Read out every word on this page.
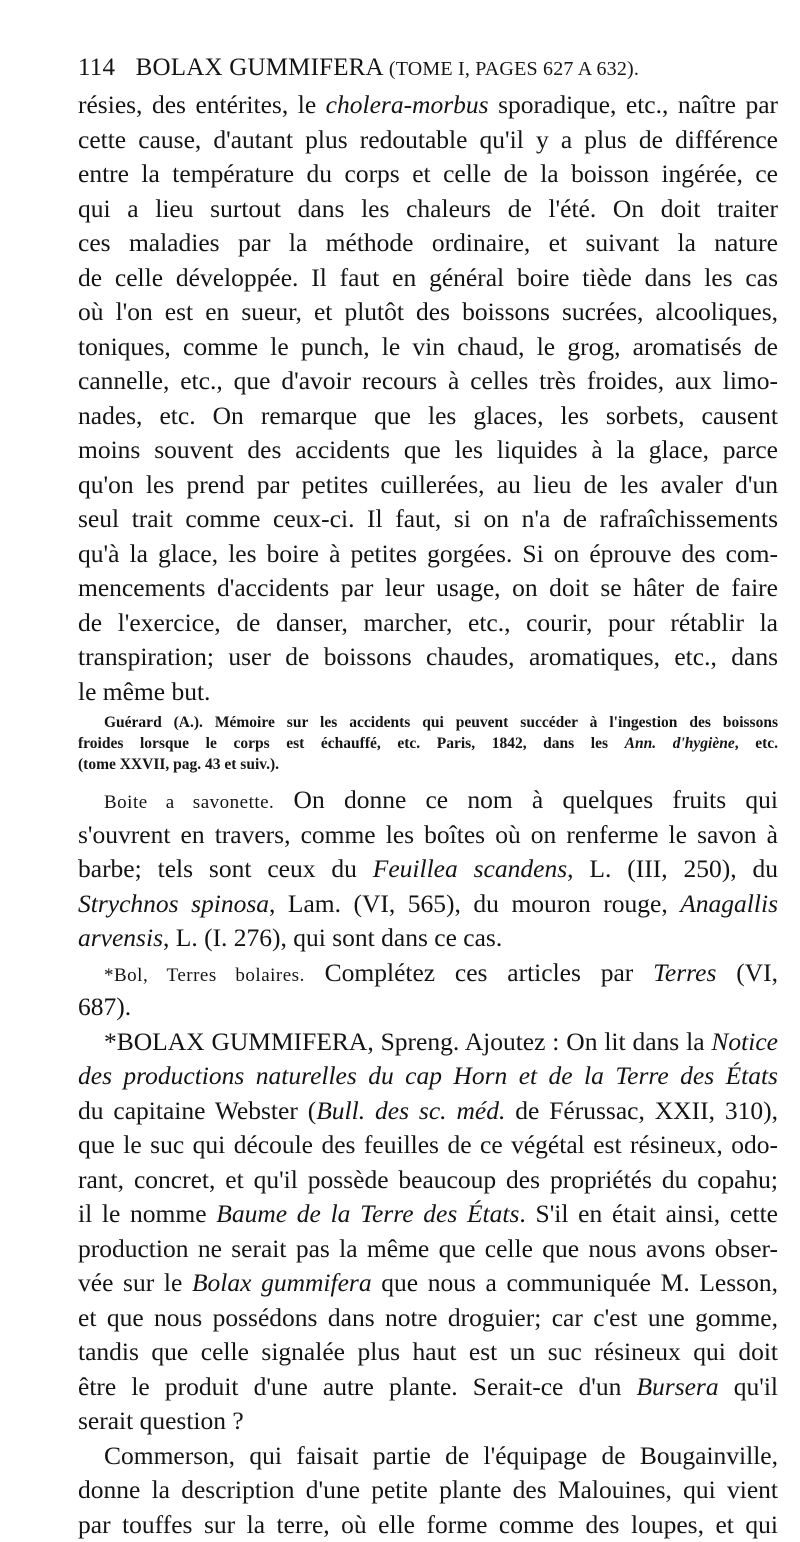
114 BOLAX GUMMIFERA (TOME I, PAGES 627 A 632).
résies, des entérites, le cholera-morbus sporadique, etc., naître par
cette cause, d'autant plus redoutable qu'il y a plus de différence
entre la température du corps et celle de la boisson ingérée, ce
qui a lieu surtout dans les chaleurs de l'été. On doit traiter
ces maladies par la méthode ordinaire, et suivant la nature
de celle développée. Il faut en général boire tiède dans les cas
où l'on est en sueur, et plutôt des boissons sucrées, alcooliques,
toniques, comme le punch, le vin chaud, le grog, aromatisés de
cannelle, etc., que d'avoir recours à celles très froides, aux limo-
nades, etc. On remarque que les glaces, les sorbets, causent
moins souvent des accidents que les liquides à la glace, parce
qu'on les prend par petites cuillerées, au lieu de les avaler d'un
seul trait comme ceux-ci. Il faut, si on n'a de rafraîchissements
qu'à la glace, les boire à petites gorgées. Si on éprouve des com-
mencements d'accidents par leur usage, on doit se hâter de faire
de l'exercice, de danser, marcher, etc., courir, pour rétablir la
transpiration; user de boissons chaudes, aromatiques, etc., dans
le même but.
Guérard (A.). Mémoire sur les accidents qui peuvent succéder à l'ingestion des boissons
froides lorsque le corps est échauffé, etc. Paris, 1842, dans les Ann. d'hygiène, etc.
(tome XXVII, pag. 43 et suiv.).
Boite a savonette. On donne ce nom à quelques fruits qui
s'ouvrent en travers, comme les boîtes où on renferme le savon à
barbe; tels sont ceux du Feuillea scandens, L. (III, 250), du
Strychnos spinosa, Lam. (VI, 565), du mouron rouge, Anagallis
arvensis, L. (I. 276), qui sont dans ce cas.
*Bol, Terres bolaires. Complétez ces articles par Terres (VI,
687).
*BOLAX GUMMIFERA, Spreng. Ajoutez : On lit dans la Notice
des productions naturelles du cap Horn et de la Terre des États
du capitaine Webster (Bull. des sc. méd. de Férussac, XXII, 310),
que le suc qui découle des feuilles de ce végétal est résineux, odo-
rant, concret, et qu'il possède beaucoup des propriétés du copahu;
il le nomme Baume de la Terre des États. S'il en était ainsi, cette
production ne serait pas la même que celle que nous avons obser-
vée sur le Bolax gummifera que nous a communiquée M. Lesson,
et que nous possédons dans notre droguier; car c'est une gomme,
tandis que celle signalée plus haut est un suc résineux qui doit
être le produit d'une autre plante. Serait-ce d'un Bursera qu'il
serait question ?
Commerson, qui faisait partie de l'équipage de Bougainville,
donne la description d'une petite plante des Malouines, qui vient
par touffes sur la terre, où elle forme comme des loupes, et qui
